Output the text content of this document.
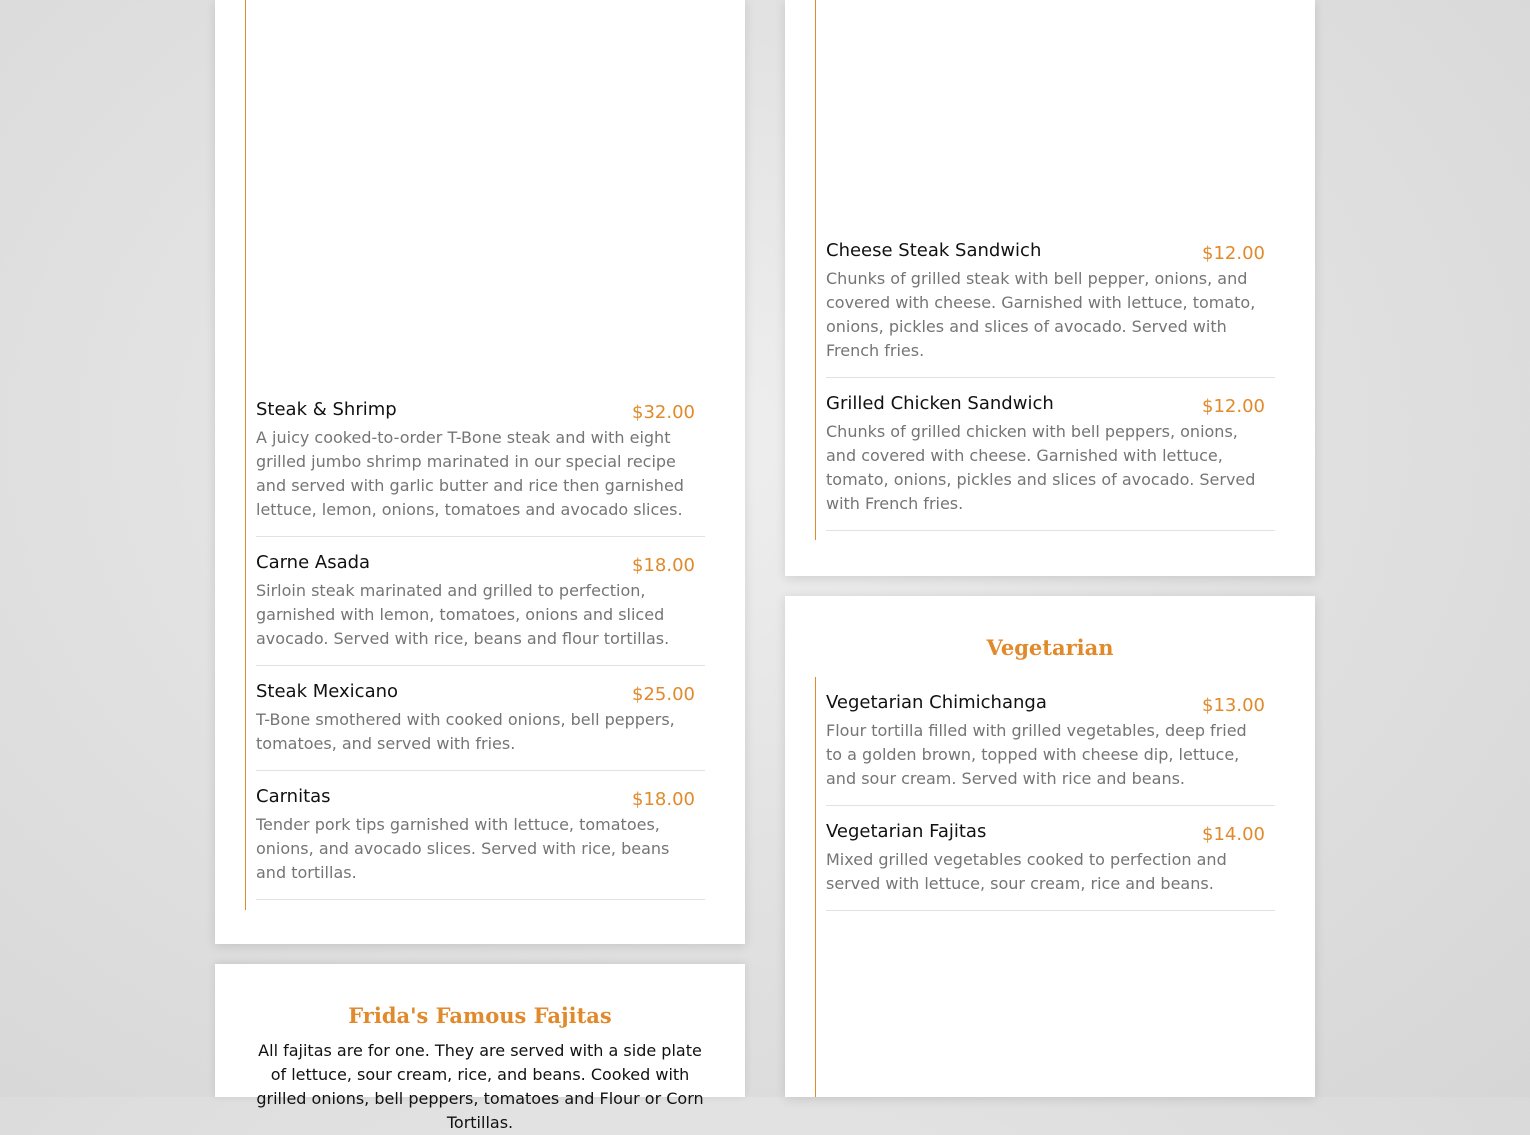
Steak & Shrimp	$32.00
A juicy cooked-to-order T-Bone steak and with eight grilled jumbo shrimp marinated in our special recipe and served with garlic butter and rice then garnished lettuce, lemon, onions, tomatoes and avocado slices.
Carne Asada	$18.00
Sirloin steak marinated and grilled to perfection, garnished with lemon, tomatoes, onions and sliced avocado. Served with rice, beans and flour tortillas.
Steak Mexicano	$25.00
T-Bone smothered with cooked onions, bell peppers, tomatoes, and served with fries.
Carnitas	$18.00
Tender pork tips garnished with lettuce, tomatoes, onions, and avocado slices. Served with rice, beans and tortillas.
Frida's Famous Fajitas
All fajitas are for one. They are served with a side plate of lettuce, sour cream, rice, and beans. Cooked with grilled onions, bell peppers, tomatoes and Flour or Corn Tortillas.
Cheese Steak Sandwich	$12.00
Chunks of grilled steak with bell pepper, onions, and covered with cheese. Garnished with lettuce, tomato, onions, pickles and slices of avocado. Served with French fries.
Grilled Chicken Sandwich	$12.00
Chunks of grilled chicken with bell peppers, onions, and covered with cheese. Garnished with lettuce, tomato, onions, pickles and slices of avocado. Served with French fries.
Vegetarian
Vegetarian Chimichanga	$13.00
Flour tortilla filled with grilled vegetables, deep fried to a golden brown, topped with cheese dip, lettuce, and sour cream. Served with rice and beans.
Vegetarian Fajitas	$14.00
Mixed grilled vegetables cooked to perfection and served with lettuce, sour cream, rice and beans.
